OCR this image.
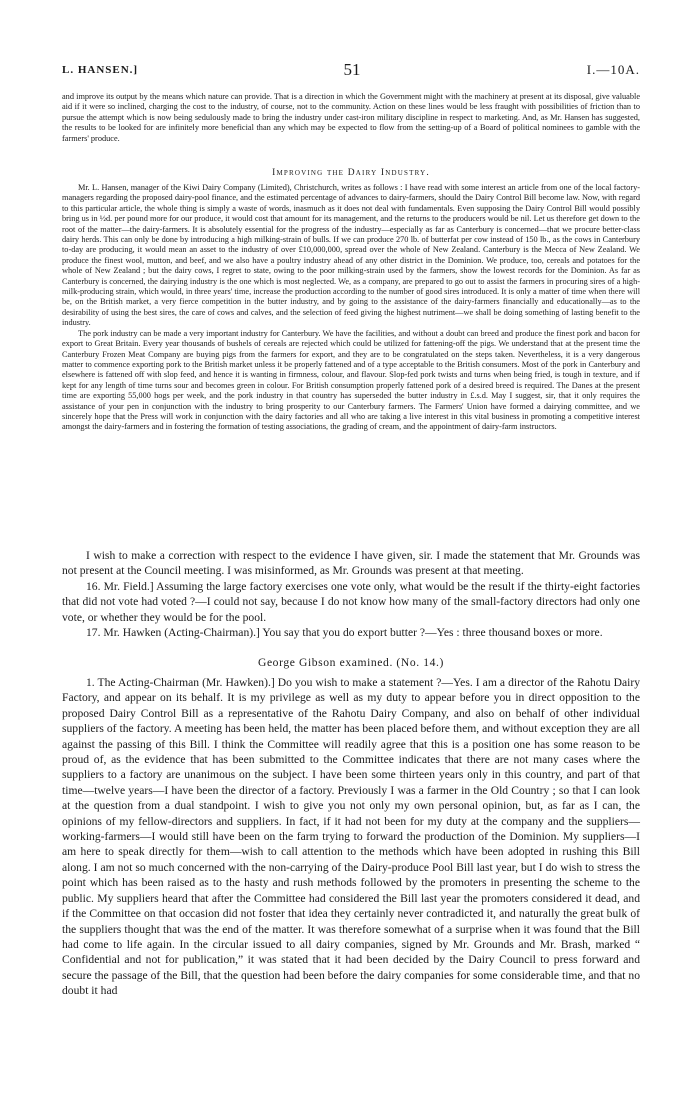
L. HANSEN.]	51	I.—10A.

and improve its output by the means which nature can provide. That is a direction in which the Government might with the machinery at present at its disposal, give valuable aid if it were so inclined, charging the cost to the industry, of course, not to the community. Action on these lines would be less fraught with possibilities of friction than to pursue the attempt which is now being sedulously made to bring the industry under cast-iron military discipline in respect to marketing. And, as Mr. Hansen has suggested, the results to be looked for are infinitely more beneficial than any which may be expected to flow from the setting-up of a Board of political nominees to gamble with the farmers' produce.

Improving the Dairy Industry.

Mr. L. Hansen, manager of the Kiwi Dairy Company (Limited), Christchurch, writes as follows : I have read with some interest an article from one of the local factory-managers regarding the proposed dairy-pool finance, and the estimated percentage of advances to dairy-farmers, should the Dairy Control Bill become law. Now, with regard to this particular article, the whole thing is simply a waste of words, inasmuch as it does not deal with fundamentals. Even supposing the Dairy Control Bill would possibly bring us in ½d. per pound more for our produce, it would cost that amount for its management, and the returns to the producers would be nil. Let us therefore get down to the root of the matter—the dairy-farmers. It is absolutely essential for the progress of the industry—especially as far as Canterbury is concerned—that we procure better-class dairy herds. This can only be done by introducing a high milking-strain of bulls. If we can produce 270 lb. of butterfat per cow instead of 150 lb., as the cows in Canterbury to-day are producing, it would mean an asset to the industry of over £10,000,000, spread over the whole of New Zealand. Canterbury is the Mecca of New Zealand. We produce the finest wool, mutton, and beef, and we also have a poultry industry ahead of any other district in the Dominion. We produce, too, cereals and potatoes for the whole of New Zealand ; but the dairy cows, I regret to state, owing to the poor milking-strain used by the farmers, show the lowest records for the Dominion. As far as Canterbury is concerned, the dairying industry is the one which is most neglected. We, as a company, are prepared to go out to assist the farmers in procuring sires of a high-milk-producing strain, which would, in three years' time, increase the production according to the number of good sires introduced. It is only a matter of time when there will be, on the British market, a very fierce competition in the butter industry, and by going to the assistance of the dairy-farmers financially and educationally—as to the desirability of using the best sires, the care of cows and calves, and the selection of feed giving the highest nutriment—we shall be doing something of lasting benefit to the industry.

The pork industry can be made a very important industry for Canterbury. We have the facilities, and without a doubt can breed and produce the finest pork and bacon for export to Great Britain. Every year thousands of bushels of cereals are rejected which could be utilized for fattening-off the pigs. We understand that at the present time the Canterbury Frozen Meat Company are buying pigs from the farmers for export, and they are to be congratulated on the steps taken. Nevertheless, it is a very dangerous matter to commence exporting pork to the British market unless it be properly fattened and of a type acceptable to the British consumers. Most of the pork in Canterbury and elsewhere is fattened off with slop feed, and hence it is wanting in firmness, colour, and flavour. Slop-fed pork twists and turns when being fried, is tough in texture, and if kept for any length of time turns sour and becomes green in colour. For British consumption properly fattened pork of a desired breed is required. The Danes at the present time are exporting 55,000 hogs per week, and the pork industry in that country has superseded the butter industry in £.s.d. May I suggest, sir, that it only requires the assistance of your pen in conjunction with the industry to bring prosperity to our Canterbury farmers. The Farmers' Union have formed a dairying committee, and we sincerely hope that the Press will work in conjunction with the dairy factories and all who are taking a live interest in this vital business in promoting a competitive interest amongst the dairy-farmers and in fostering the formation of testing associations, the grading of cream, and the appointment of dairy-farm instructors.

I wish to make a correction with respect to the evidence I have given, sir. I made the statement that Mr. Grounds was not present at the Council meeting. I was misinformed, as Mr. Grounds was present at that meeting.

16. Mr. Field.] Assuming the large factory exercises one vote only, what would be the result if the thirty-eight factories that did not vote had voted ?—I could not say, because I do not know how many of the small-factory directors had only one vote, or whether they would be for the pool.

17. Mr. Hawken (Acting-Chairman).] You say that you do export butter ?—Yes : three thousand boxes or more.

George Gibson examined. (No. 14.)

1. The Acting-Chairman (Mr. Hawken).] Do you wish to make a statement ?—Yes. I am a director of the Rahotu Dairy Factory, and appear on its behalf. It is my privilege as well as my duty to appear before you in direct opposition to the proposed Dairy Control Bill as a representative of the Rahotu Dairy Company, and also on behalf of other individual suppliers of the factory. A meeting has been held, the matter has been placed before them, and without exception they are all against the passing of this Bill. I think the Committee will readily agree that this is a position one has some reason to be proud of, as the evidence that has been submitted to the Committee indicates that there are not many cases where the suppliers to a factory are unanimous on the subject. I have been some thirteen years only in this country, and part of that time—twelve years—I have been the director of a factory. Previously I was a farmer in the Old Country ; so that I can look at the question from a dual standpoint. I wish to give you not only my own personal opinion, but, as far as I can, the opinions of my fellow-directors and suppliers. In fact, if it had not been for my duty at the company and the suppliers—working-farmers—I would still have been on the farm trying to forward the production of the Dominion. My suppliers—I am here to speak directly for them—wish to call attention to the methods which have been adopted in rushing this Bill along. I am not so much concerned with the non-carrying of the Dairy-produce Pool Bill last year, but I do wish to stress the point which has been raised as to the hasty and rush methods followed by the promoters in presenting the scheme to the public. My suppliers heard that after the Committee had considered the Bill last year the promoters considered it dead, and if the Committee on that occasion did not foster that idea they certainly never contradicted it, and naturally the great bulk of the suppliers thought that was the end of the matter. It was therefore somewhat of a surprise when it was found that the Bill had come to life again. In the circular issued to all dairy companies, signed by Mr. Grounds and Mr. Brash, marked “ Confidential and not for publication,” it was stated that it had been decided by the Dairy Council to press forward and secure the passage of the Bill, that the question had been before the dairy companies for some considerable time, and that no doubt it had
